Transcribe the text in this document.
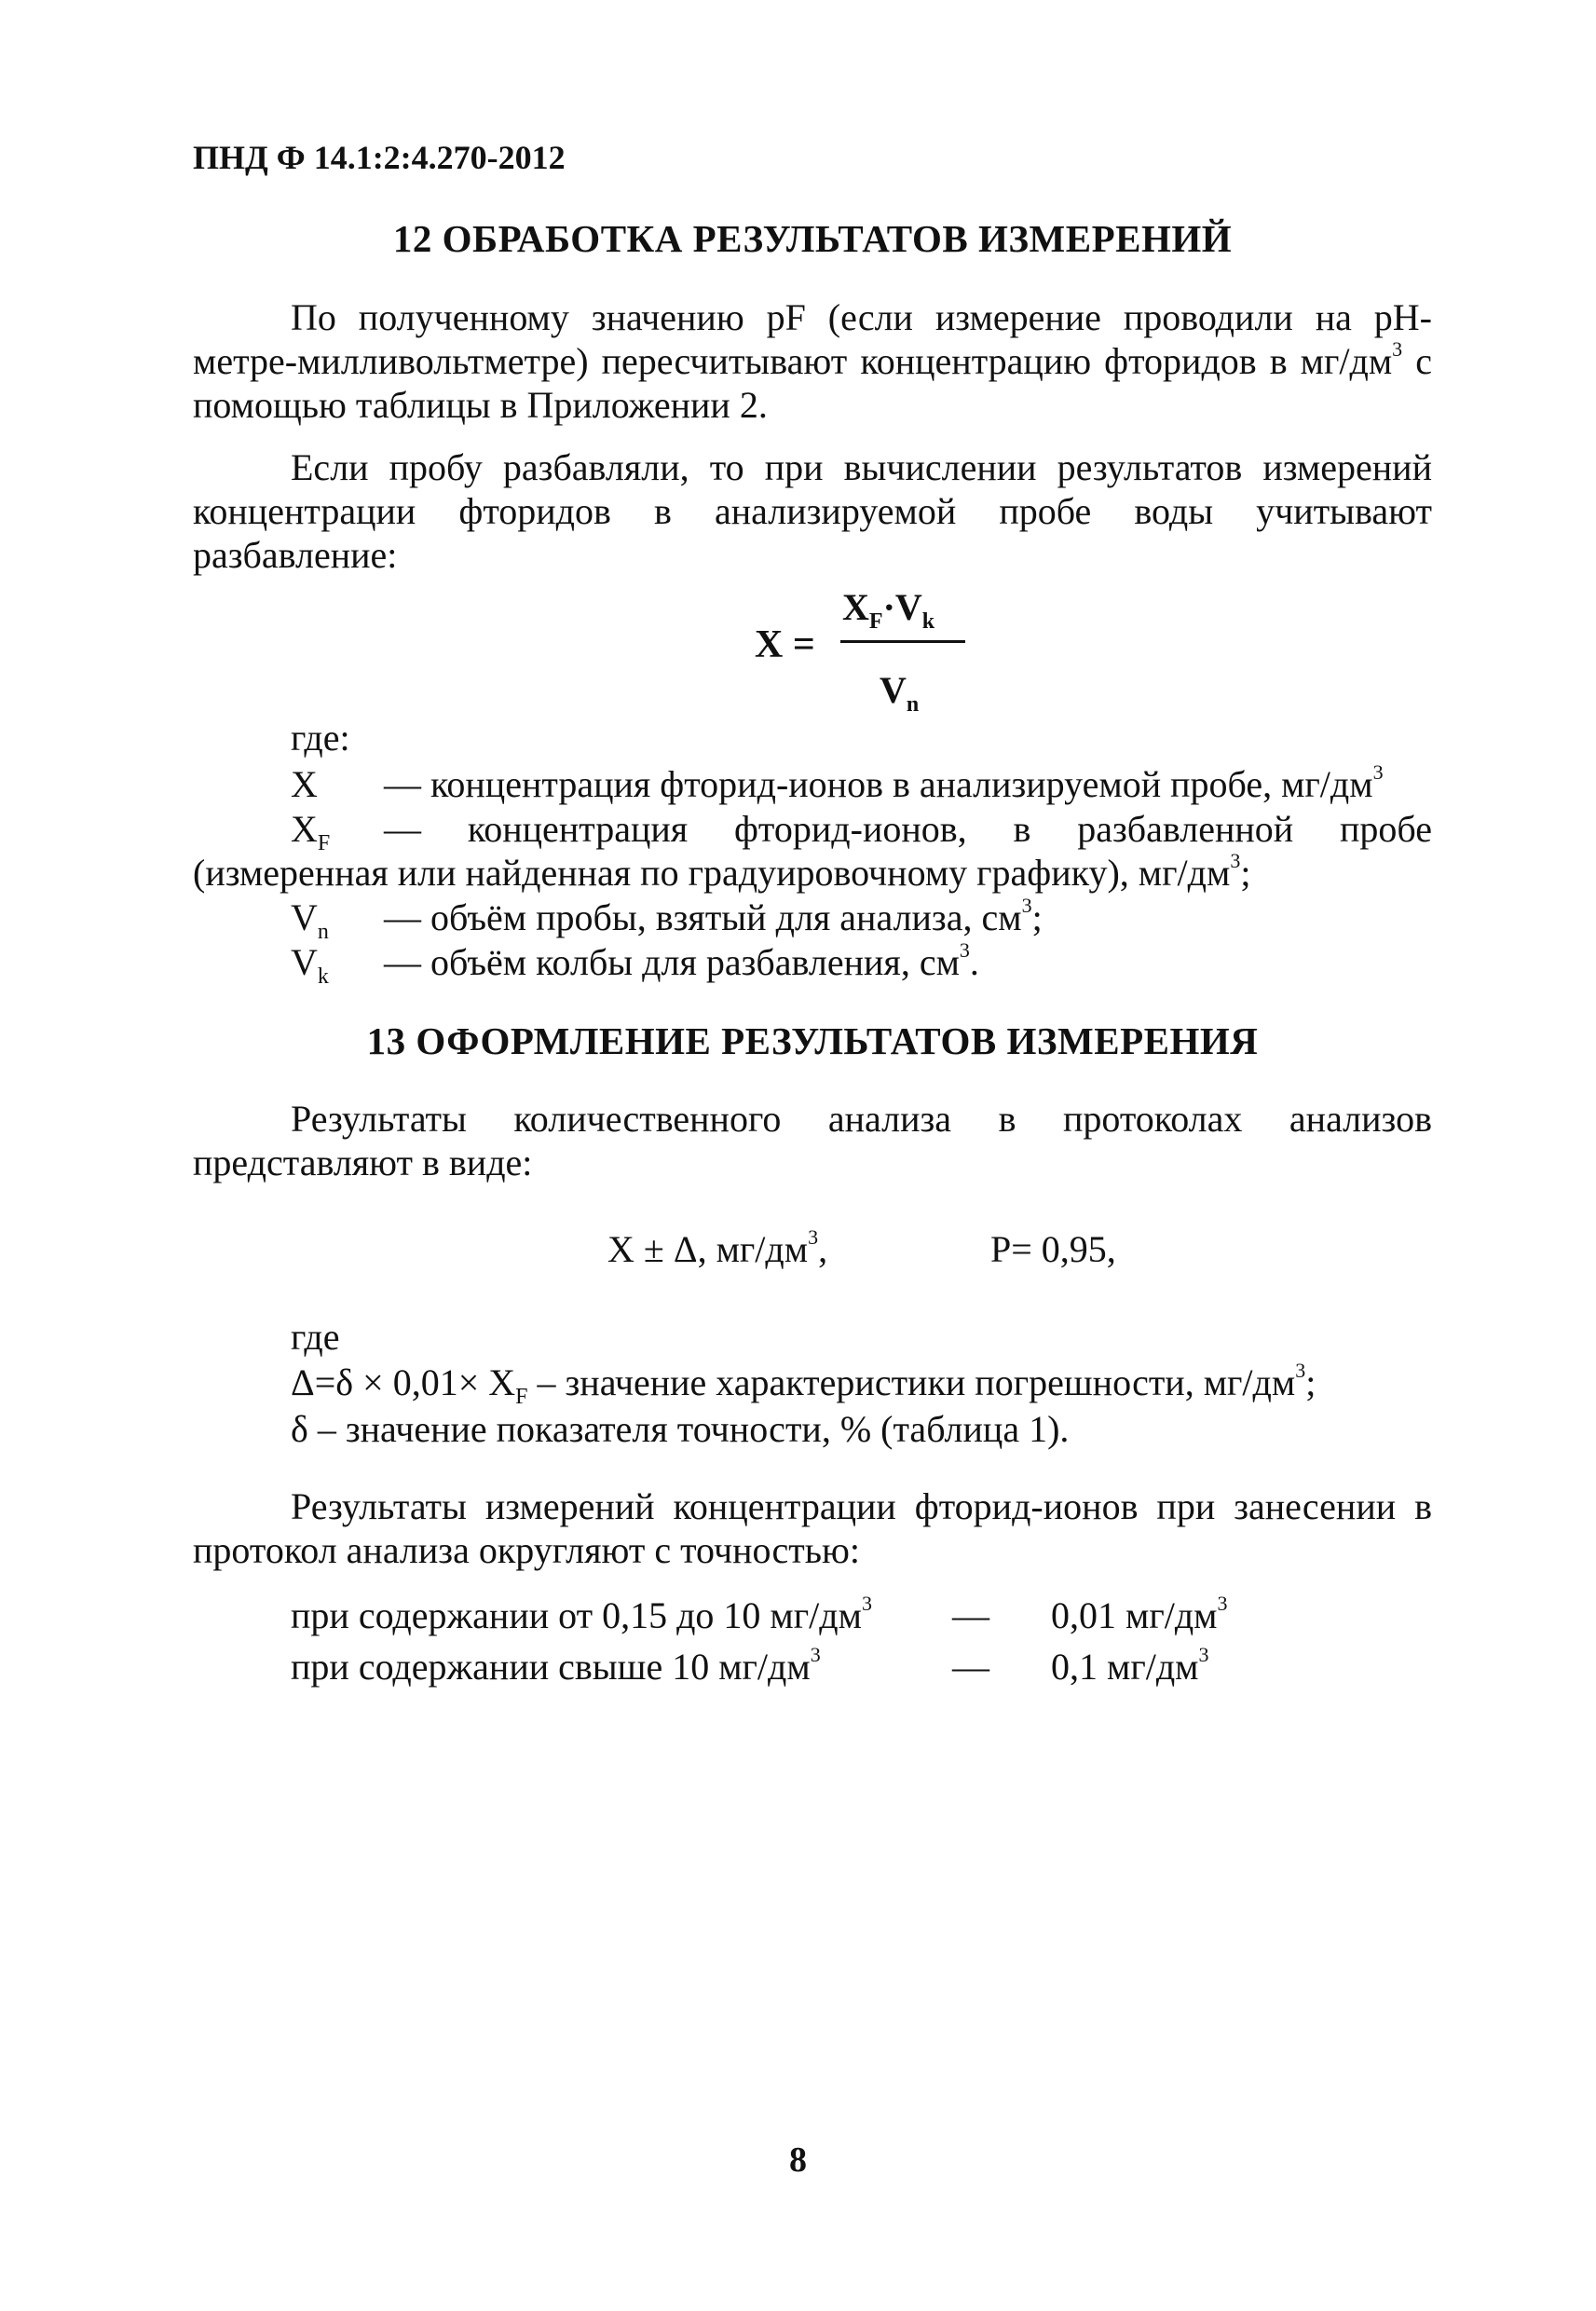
ПНД Ф 14.1:2:4.270-2012
12 ОБРАБОТКА РЕЗУЛЬТАТОВ ИЗМЕРЕНИЙ
По полученному значению pF (если измерение проводили на pH-
метре-милливольтметре) пересчитывают концентрацию фторидов в $мг/дм^3$ с
помощью таблицы в Приложении 2.
Если пробу разбавляли, то при вычислении результатов измерений
концентрации фторидов в анализируемой пробе воды учитывают
разбавление:
X =
$X_F\cdot V_k$
$V_n$
где:
X — концентрация фторид-ионов в анализируемой пробе, $мг/дм^3$
$X_F$ — концентрация фторид-ионов, в разбавленной пробе
(измеренная или найденная по градуировочному графику), $мг/дм^3$;
$V_n$ — объём пробы, взятый для анализа, $см^3$;
$V_k$ — объём колбы для разбавления, $см^3$.
13 ОФОРМЛЕНИЕ РЕЗУЛЬТАТОВ ИЗМЕРЕНИЯ
Результаты количественного анализа в протоколах анализов
представляют в виде:
X ± Δ, $мг/дм^3$,	P= 0,95,
где
$\Delta=\delta \times 0,01\times X_F$ – значение характеристики погрешности, $мг/дм^3$;
δ – значение показателя точности, % (таблица 1).
Результаты измерений концентрации фторид-ионов при занесении в
протокол анализа округляют с точностью:
при содержании от 0,15 до 10 $мг/дм^3$ — 0,01 $мг/дм^3$
при содержании свыше 10 $мг/дм^3$	— 0,1 $мг/дм^3$
8
